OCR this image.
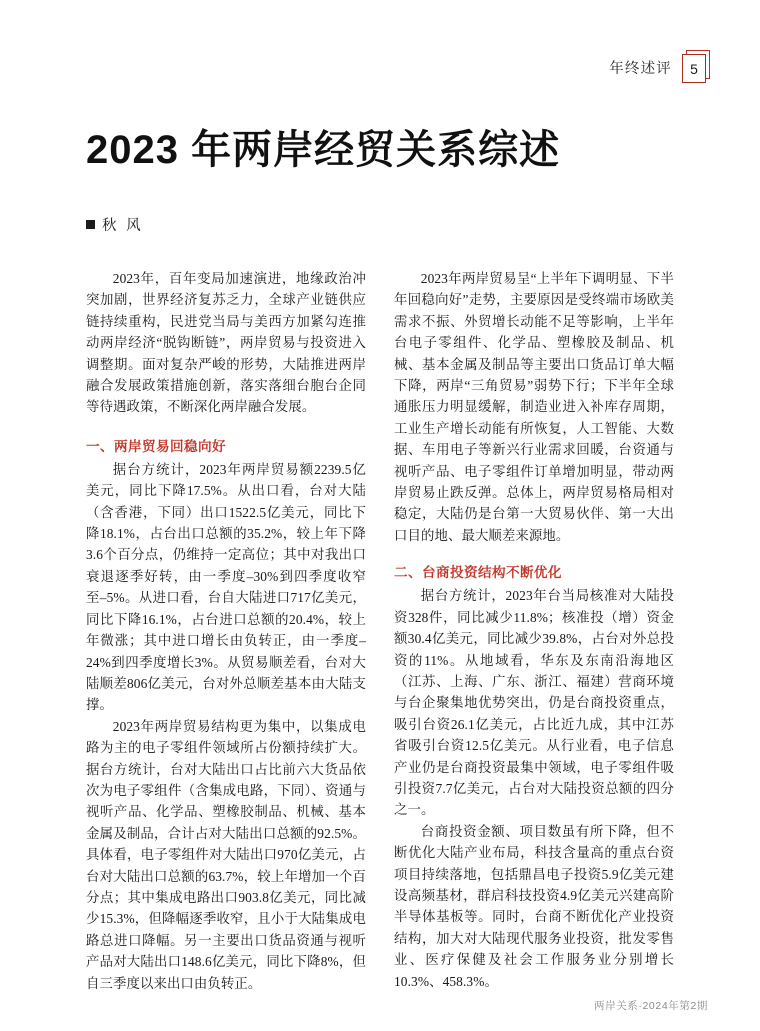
年终述评 5
2023 年两岸经贸关系综述
秋 风

2023年，百年变局加速演进，地缘政治冲突加剧，世界经济复苏乏力，全球产业链供应链持续重构，民进党当局与美西方加紧勾连推动两岸经济“脱钩断链”，两岸贸易与投资进入调整期。面对复杂严峻的形势，大陆推进两岸融合发展政策措施创新，落实落细台胞台企同等待遇政策，不断深化两岸融合发展。

一、两岸贸易回稳向好

据台方统计，2023年两岸贸易额2239.5亿美元，同比下降17.5%。从出口看，台对大陆（含香港，下同）出口1522.5亿美元，同比下降18.1%，占台出口总额的35.2%，较上年下降3.6个百分点，仍维持一定高位；其中对我出口衰退逐季好转，由一季度–30%到四季度收窄至–5%。从进口看，台自大陆进口717亿美元，同比下降16.1%，占台进口总额的20.4%，较上年微涨；其中进口增长由负转正，由一季度–24%到四季度增长3%。从贸易顺差看，台对大陆顺差806亿美元，台对外总顺差基本由大陆支撑。

2023年两岸贸易结构更为集中，以集成电路为主的电子零组件领域所占份额持续扩大。据台方统计，台对大陆出口占比前六大货品依次为电子零组件（含集成电路，下同）、资通与视听产品、化学品、塑橡胶制品、机械、基本金属及制品，合计占对大陆出口总额的92.5%。具体看，电子零组件对大陆出口970亿美元，占台对大陆出口总额的63.7%，较上年增加一个百分点；其中集成电路出口903.8亿美元，同比减少15.3%，但降幅逐季收窄，且小于大陆集成电路总进口降幅。另一主要出口货品资通与视听产品对大陆出口148.6亿美元，同比下降8%，但自三季度以来出口由负转正。

2023年两岸贸易呈“上半年下调明显、下半年回稳向好”走势，主要原因是受终端市场欧美需求不振、外贸增长动能不足等影响，上半年台电子零组件、化学品、塑橡胶及制品、机械、基本金属及制品等主要出口货品订单大幅下降，两岸“三角贸易”弱势下行；下半年全球通胀压力明显缓解，制造业进入补库存周期，工业生产增长动能有所恢复，人工智能、大数据、车用电子等新兴行业需求回暖，台资通与视听产品、电子零组件订单增加明显，带动两岸贸易止跌反弹。总体上，两岸贸易格局相对稳定，大陆仍是台第一大贸易伙伴、第一大出口目的地、最大顺差来源地。

二、台商投资结构不断优化

据台方统计，2023年台当局核准对大陆投资328件，同比减少11.8%；核准投（增）资金额30.4亿美元，同比减少39.8%，占台对外总投资的11%。从地域看，华东及东南沿海地区（江苏、上海、广东、浙江、福建）营商环境与台企聚集地优势突出，仍是台商投资重点，吸引台资26.1亿美元，占比近九成，其中江苏省吸引台资12.5亿美元。从行业看，电子信息产业仍是台商投资最集中领域，电子零组件吸引投资7.7亿美元，占台对大陆投资总额的四分之一。

台商投资金额、项目数虽有所下降，但不断优化大陆产业布局，科技含量高的重点台资项目持续落地，包括鼎昌电子投资5.9亿美元建设高频基材，群启科技投资4.9亿美元兴建高阶半导体基板等。同时，台商不断优化产业投资结构，加大对大陆现代服务业投资，批发零售业、医疗保健及社会工作服务业分别增长10.3%、458.3%。

两岸关系·2024年第2期
